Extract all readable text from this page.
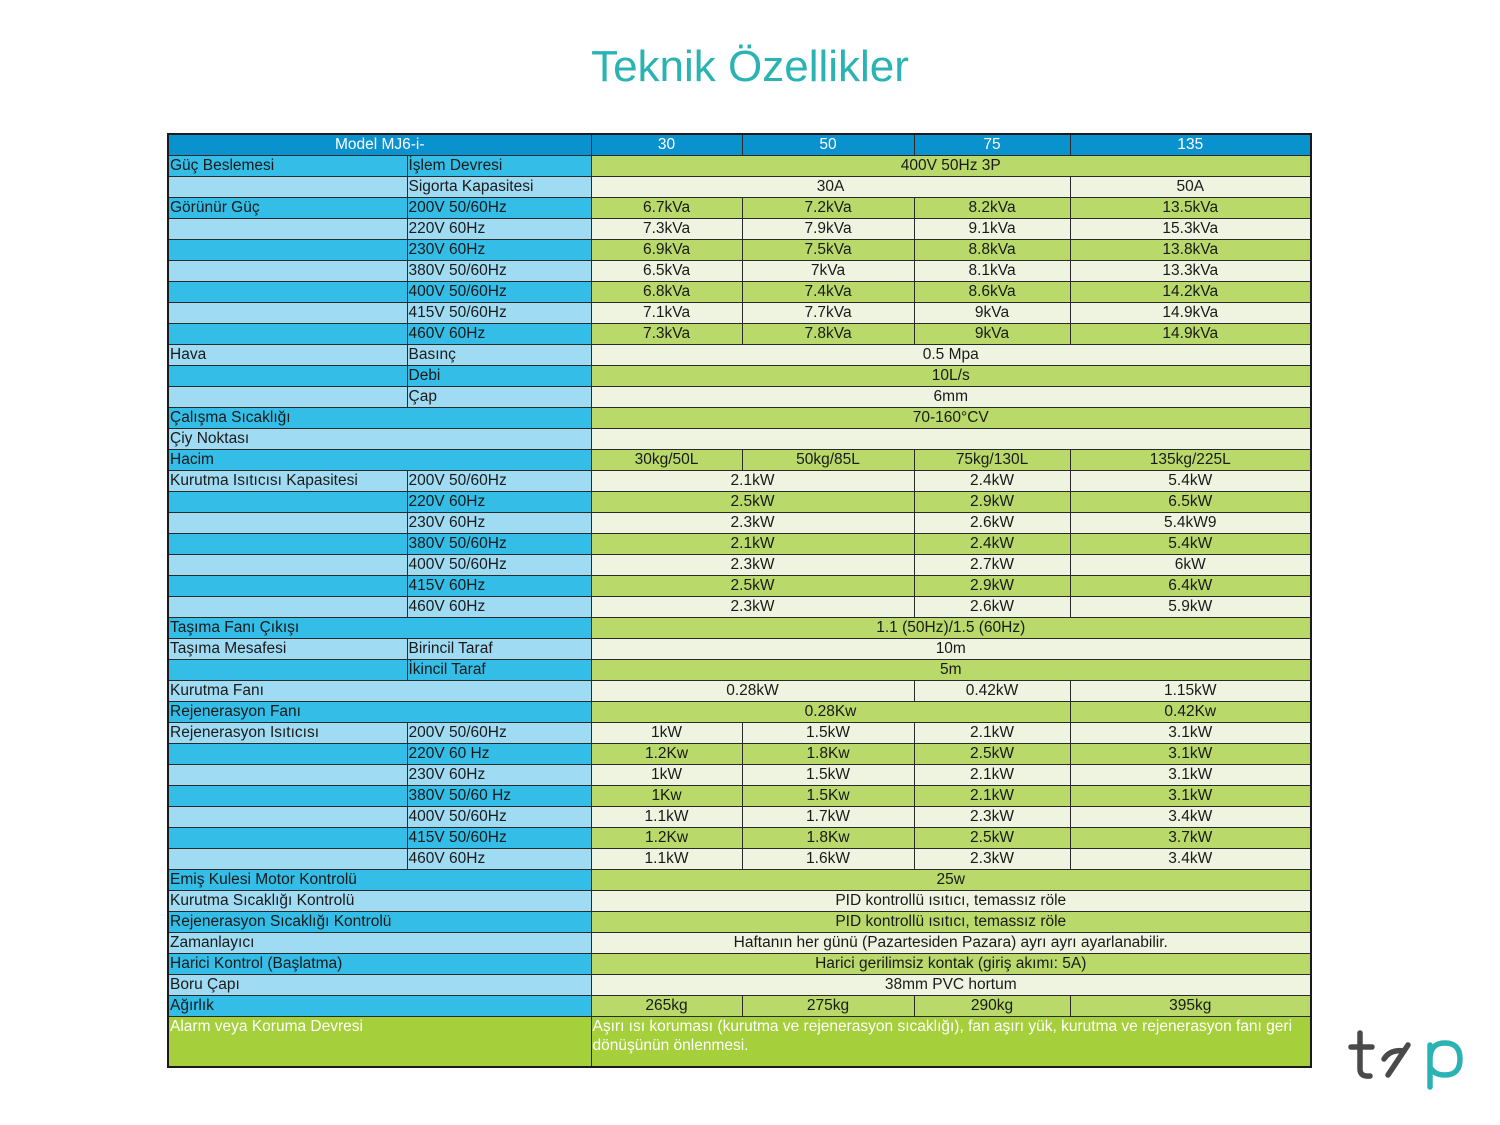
Teknik Özellikler
Model MJ6-i-		30	50	75	135
Güç Beslemesi	İşlem Devresi	400V 50Hz 3P			
	Sigorta Kapasitesi	30A			50A
Görünür Güç	200V 50/60Hz	6.7kVa	7.2kVa	8.2kVa	13.5kVa
	220V 60Hz	7.3kVa	7.9kVa	9.1kVa	15.3kVa
	230V 60Hz	6.9kVa	7.5kVa	8.8kVa	13.8kVa
	380V 50/60Hz	6.5kVa	7kVa	8.1kVa	13.3kVa
	400V 50/60Hz	6.8kVa	7.4kVa	8.6kVa	14.2kVa
	415V 50/60Hz	7.1kVa	7.7kVa	9kVa	14.9kVa
	460V 60Hz	7.3kVa	7.8kVa	9kVa	14.9kVa
Hava	Basınç	0.5 Mpa			
	Debi	10L/s			
	Çap	6mm			
Çalışma Sıcaklığı		70-160°CV			
Çiy Noktası					
Hacim		30kg/50L	50kg/85L	75kg/130L	135kg/225L
Kurutma Isıtıcısı Kapasitesi	200V 50/60Hz	2.1kW		2.4kW	5.4kW
	220V 60Hz	2.5kW		2.9kW	6.5kW
	230V 60Hz	2.3kW		2.6kW	5.4kW9
	380V 50/60Hz	2.1kW		2.4kW	5.4kW
	400V 50/60Hz	2.3kW		2.7kW	6kW
	415V 60Hz	2.5kW		2.9kW	6.4kW
	460V 60Hz	2.3kW		2.6kW	5.9kW
Taşıma Fanı Çıkışı		1.1 (50Hz)/1.5 (60Hz)			
Taşıma Mesafesi	Birincil Taraf	10m			
	İkincil Taraf	5m			
Kurutma Fanı		0.28kW		0.42kW	1.15kW
Rejenerasyon Fanı		0.28Kw			0.42Kw
Rejenerasyon Isıtıcısı	200V 50/60Hz	1kW	1.5kW	2.1kW	3.1kW
	220V 60 Hz	1.2Kw	1.8Kw	2.5kW	3.1kW
	230V 60Hz	1kW	1.5kW	2.1kW	3.1kW
	380V 50/60 Hz	1Kw	1.5Kw	2.1kW	3.1kW
	400V 50/60Hz	1.1kW	1.7kW	2.3kW	3.4kW
	415V 50/60Hz	1.2Kw	1.8Kw	2.5kW	3.7kW
	460V 60Hz	1.1kW	1.6kW	2.3kW	3.4kW
Emiş Kulesi Motor Kontrolü		25w			
Kurutma Sıcaklığı Kontrolü		PID kontrollü ısıtıcı, temassız röle			
Rejenerasyon Sıcaklığı Kontrolü		PID kontrollü ısıtıcı, temassız röle			
Zamanlayıcı		Haftanın her günü (Pazartesiden Pazara) ayrı ayrı ayarlanabilir.			
Harici Kontrol (Başlatma)		Harici gerilimsiz kontak (giriş akımı: 5A)			
Boru Çapı		38mm PVC hortum			
Ağırlık		265kg	275kg	290kg	395kg
Alarm veya Koruma Devresi		Aşırı ısı koruması (kurutma ve rejenerasyon sıcaklığı), fan aşırı yük, kurutma ve rejenerasyon fanı geri dönüşünün önlenmesi.			
